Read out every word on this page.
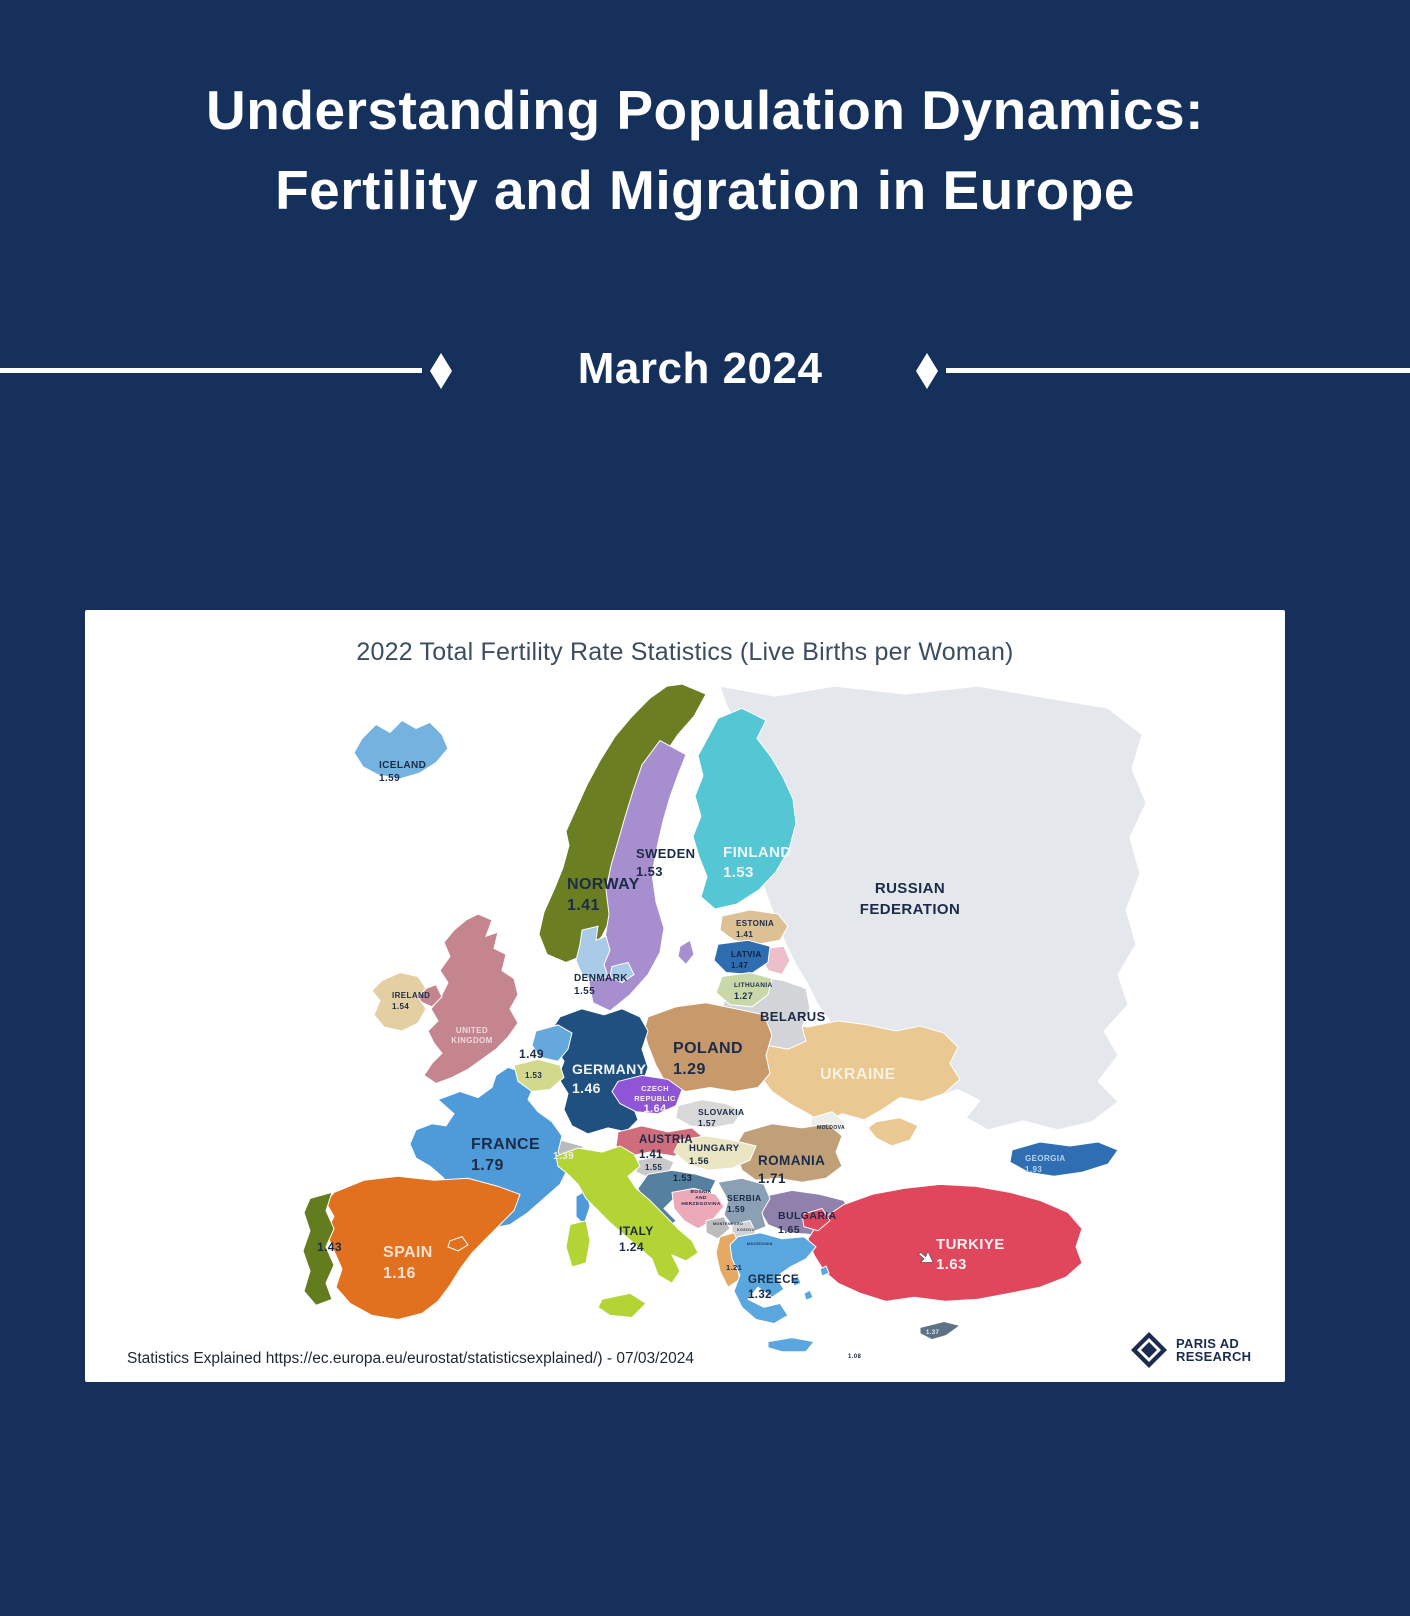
Understanding Population Dynamics:
Fertility and Migration in Europe
March 2024
2022 Total Fertility Rate Statistics (Live Births per Woman)
ICELAND
1.59
NORWAY
1.41
SWEDEN
1.53
FINLAND
1.53
RUSSIAN
FEDERATION
ESTONIA
1.41
LATVIA
1.47
LITHUANIA
1.27
DENMARK
1.55
IRELAND
1.54
UNITED
KINGDOM
1.49
1.53 GERMANY
1.46
POLAND
1.29
CZECH
REPUBLIC
1.64	SLOVAKIA
1.57
AUSTRIA
1.41
HUNGARY
1.56
FRANCE
1.79
1.39
ITALY
1.24
1.55
1.53
BOSNIA
AND
HERZEGOVINA
SERBIA
1.59
MONTENEGRO
KOSOVO
MACEDONIA
1.21
ROMANIA
1.71
MOLDOVA
BULGARIA
1.65
GREECE
1.32
TURKIYE
1.63
GEORGIA
1.93
1.37
1.08
SPAIN
1.16
1.43
UKRAINE
BELARUS
Statistics Explained https://ec.europa.eu/eurostat/statisticsexplained/) - 07/03/2024
PARIS AD
RESEARCH
